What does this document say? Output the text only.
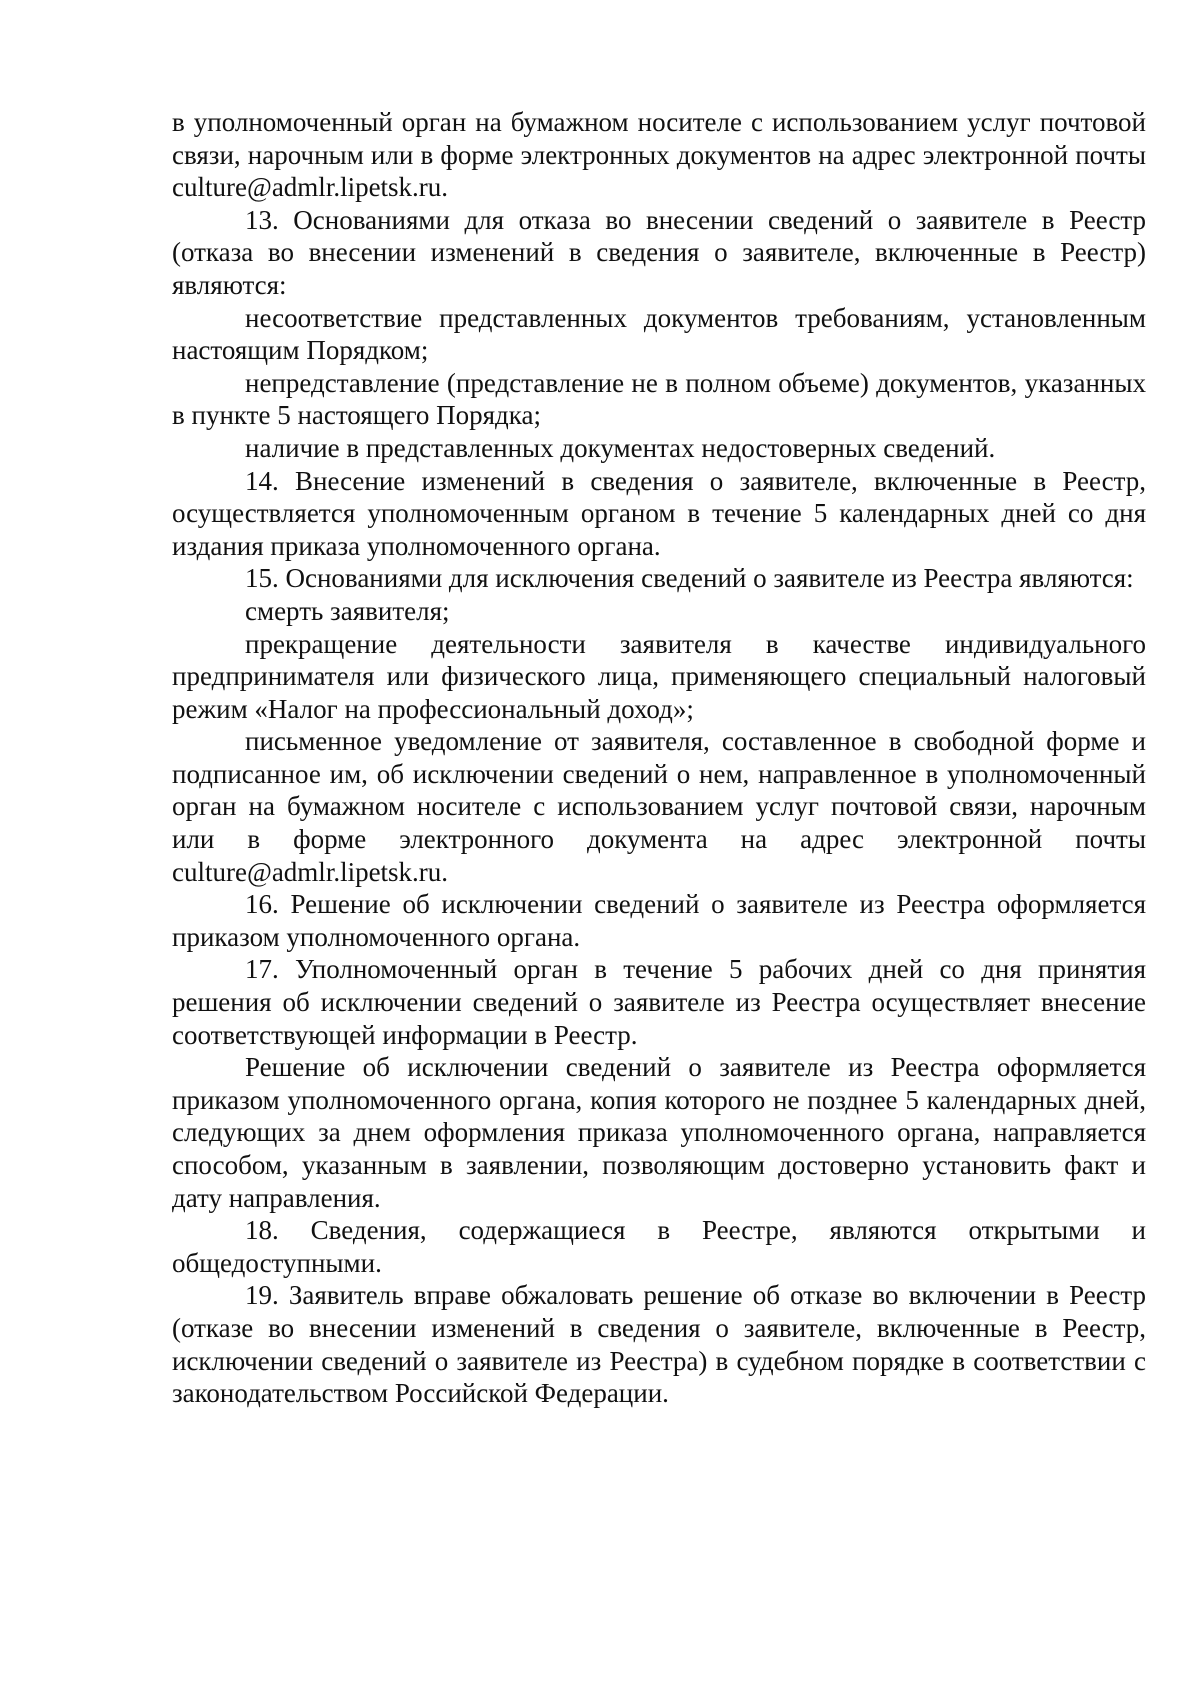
в уполномоченный орган на бумажном носителе с использованием услуг почтовой связи, нарочным или в форме электронных документов на адрес электронной почты culture@admlr.lipetsk.ru.

13. Основаниями для отказа во внесении сведений о заявителе в Реестр (отказа во внесении изменений в сведения о заявителе, включенные в Реестр) являются:

несоответствие представленных документов требованиям, установленным настоящим Порядком;

непредставление (представление не в полном объеме) документов, указанных в пункте 5 настоящего Порядка;

наличие в представленных документах недостоверных сведений.

14. Внесение изменений в сведения о заявителе, включенные в Реестр, осуществляется уполномоченным органом в течение 5 календарных дней со дня издания приказа уполномоченного органа.

15. Основаниями для исключения сведений о заявителе из Реестра являются:

смерть заявителя;

прекращение деятельности заявителя в качестве индивидуального предпринимателя или физического лица, применяющего специальный налоговый режим «Налог на профессиональный доход»;

письменное уведомление от заявителя, составленное в свободной форме и подписанное им, об исключении сведений о нем, направленное в уполномоченный орган на бумажном носителе с использованием услуг почтовой связи, нарочным или в форме электронного документа на адрес электронной почты culture@admlr.lipetsk.ru.

16. Решение об исключении сведений о заявителе из Реестра оформляется приказом уполномоченного органа.

17. Уполномоченный орган в течение 5 рабочих дней со дня принятия решения об исключении сведений о заявителе из Реестра осуществляет внесение соответствующей информации в Реестр.

Решение об исключении сведений о заявителе из Реестра оформляется приказом уполномоченного органа, копия которого не позднее 5 календарных дней, следующих за днем оформления приказа уполномоченного органа, направляется способом, указанным в заявлении, позволяющим достоверно установить факт и дату направления.

18. Сведения, содержащиеся в Реестре, являются открытыми и общедоступными.

19. Заявитель вправе обжаловать решение об отказе во включении в Реестр (отказе во внесении изменений в сведения о заявителе, включенные в Реестр, исключении сведений о заявителе из Реестра) в судебном порядке в соответствии с законодательством Российской Федерации.
